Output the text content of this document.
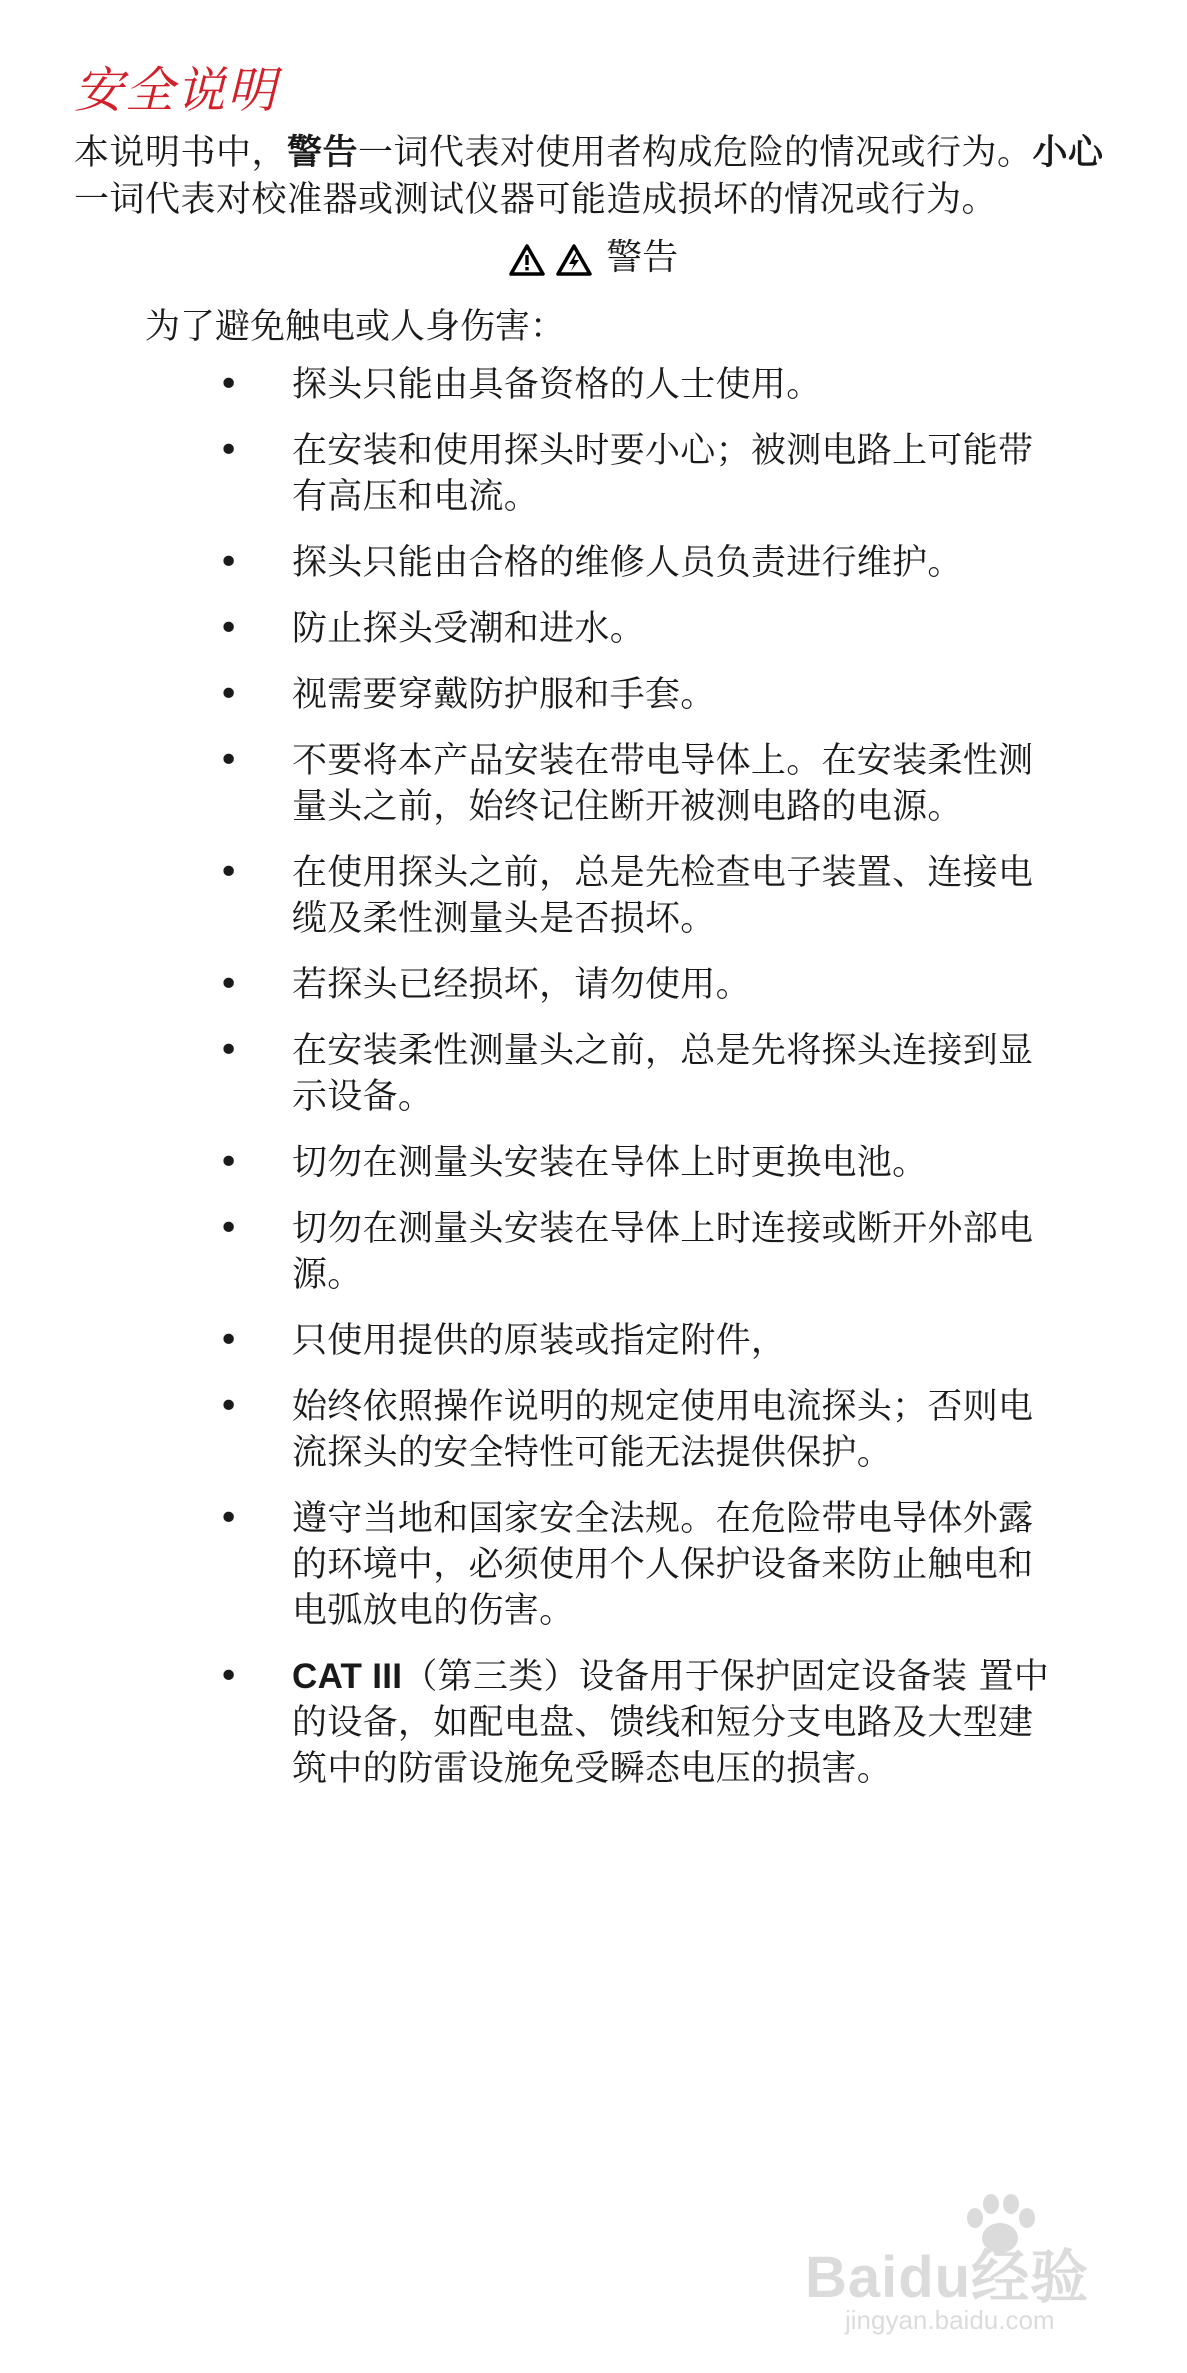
安全说明
本说明书中，警告一词代表对使用者构成危险的情况或行为。小心一词代表对校准器或测试仪器可能造成损坏的情况或行为。
警告
为了避免触电或人身伤害：
• 探头只能由具备资格的人士使用。
• 在安装和使用探头时要小心；被测电路上可能带有高压和电流。
• 探头只能由合格的维修人员负责进行维护。
• 防止探头受潮和进水。
• 视需要穿戴防护服和手套。
• 不要将本产品安装在带电导体上。在安装柔性测量头之前，始终记住断开被测电路的电源。
• 在使用探头之前，总是先检查电子装置、连接电缆及柔性测量头是否损坏。
• 若探头已经损坏，请勿使用。
• 在安装柔性测量头之前，总是先将探头连接到显示设备。
• 切勿在测量头安装在导体上时更换电池。
• 切勿在测量头安装在导体上时连接或断开外部电源。
• 只使用提供的原装或指定附件，
• 始终依照操作说明的规定使用电流探头；否则电流探头的安全特性可能无法提供保护。
• 遵守当地和国家安全法规。在危险带电导体外露的环境中，必须使用个人保护设备来防止触电和电弧放电的伤害。
• CAT III（第三类）设备用于保护固定设备装 置中的设备，如配电盘、馈线和短分支电路及大型建筑中的防雷设施免受瞬态电压的损害。
Baidu经验
jingyan.baidu.com
